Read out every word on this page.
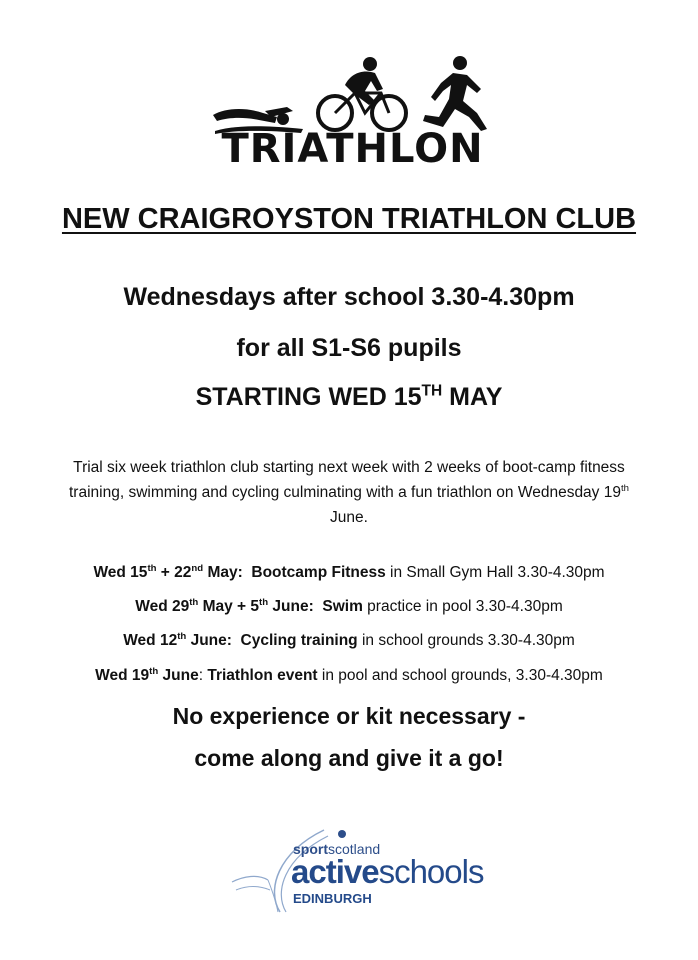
TRIATHLON
NEW CRAIGROYSTON TRIATHLON CLUB
Wednesdays after school 3.30-4.30pm
for all S1-S6 pupils
STARTING WED 15TH MAY
Trial six week triathlon club starting next week with 2 weeks of boot-camp fitness training, swimming and cycling culminating with a fun triathlon on Wednesday 19th June.
Wed 15th + 22nd May:  Bootcamp Fitness in Small Gym Hall 3.30-4.30pm
Wed 29th May + 5th June:  Swim practice in pool 3.30-4.30pm
Wed 12th June:  Cycling training in school grounds 3.30-4.30pm
Wed 19th June: Triathlon event in pool and school grounds, 3.30-4.30pm
No experience or kit necessary -
come along and give it a go!
sportscotland
activeschools
EDINBURGH
